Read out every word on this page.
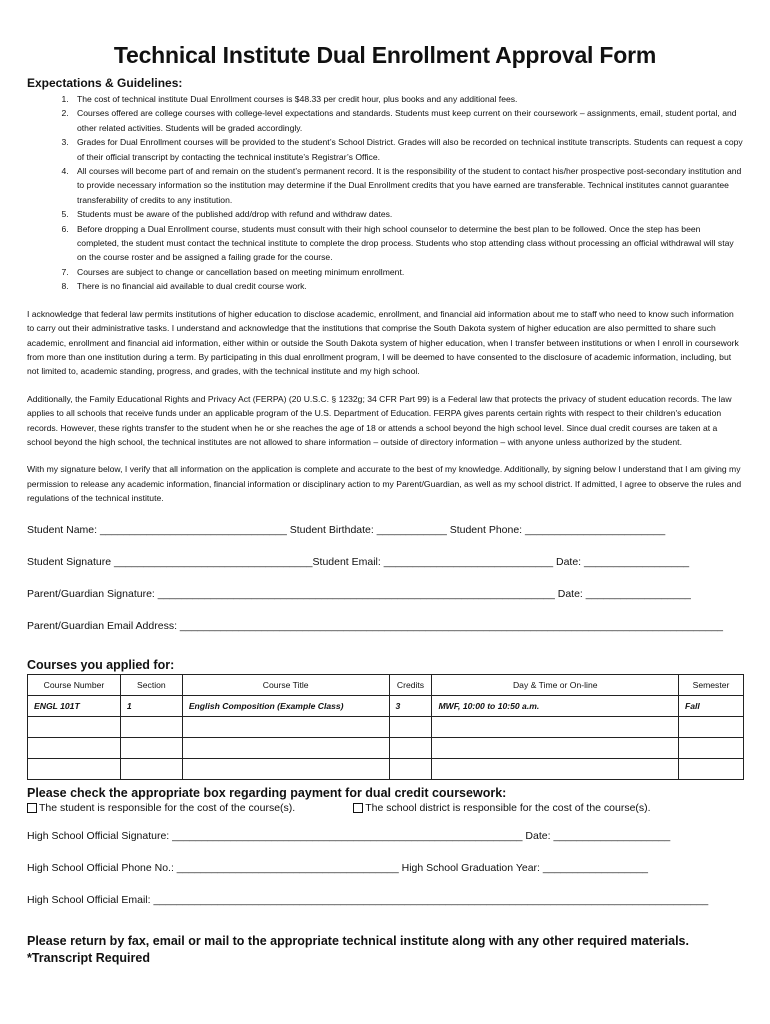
Technical Institute Dual Enrollment Approval Form
Expectations & Guidelines:
1. The cost of technical institute Dual Enrollment courses is $48.33 per credit hour, plus books and any additional fees.
2. Courses offered are college courses with college-level expectations and standards. Students must keep current on their coursework – assignments, email, student portal, and other related activities. Students will be graded accordingly.
3. Grades for Dual Enrollment courses will be provided to the student’s School District. Grades will also be recorded on technical institute transcripts. Students can request a copy of their official transcript by contacting the technical institute’s Registrar’s Office.
4. All courses will become part of and remain on the student’s permanent record. It is the responsibility of the student to contact his/her prospective post-secondary institution and to provide necessary information so the institution may determine if the Dual Enrollment credits that you have earned are transferable. Technical institutes cannot guarantee transferability of credits to any institution.
5. Students must be aware of the published add/drop with refund and withdraw dates.
6. Before dropping a Dual Enrollment course, students must consult with their high school counselor to determine the best plan to be followed. Once the step has been completed, the student must contact the technical institute to complete the drop process. Students who stop attending class without processing an official withdrawal will stay on the course roster and be assigned a failing grade for the course.
7. Courses are subject to change or cancellation based on meeting minimum enrollment.
8. There is no financial aid available to dual credit course work.

I acknowledge that federal law permits institutions of higher education to disclose academic, enrollment, and financial aid information about me to staff who need to know such information to carry out their administrative tasks. I understand and acknowledge that the institutions that comprise the South Dakota system of higher education are also permitted to share such academic, enrollment and financial aid information, either within or outside the South Dakota system of higher education, when I transfer between institutions or when I enroll in coursework from more than one institution during a term. By participating in this dual enrollment program, I will be deemed to have consented to the disclosure of academic information, including, but not limited to, academic standing, progress, and grades, with the technical institute and my high school.

Additionally, the Family Educational Rights and Privacy Act (FERPA) (20 U.S.C. § 1232g; 34 CFR Part 99) is a Federal law that protects the privacy of student education records. The law applies to all schools that receive funds under an applicable program of the U.S. Department of Education. FERPA gives parents certain rights with respect to their children's education records. However, these rights transfer to the student when he or she reaches the age of 18 or attends a school beyond the high school level. Since dual credit courses are taken at a school beyond the high school, the technical institutes are not allowed to share information – outside of directory information – with anyone unless authorized by the student.

With my signature below, I verify that all information on the application is complete and accurate to the best of my knowledge. Additionally, by signing below I understand that I am giving my permission to release any academic information, financial information or disciplinary action to my Parent/Guardian, as well as my school district. If admitted, I agree to observe the rules and regulations of the technical institute.

Student Name: ________________________________ Student Birthdate: ____________ Student Phone: ________________________
Student Signature __________________________________Student Email: _____________________________ Date: __________________
Parent/Guardian Signature: ____________________________________________________________________ Date: __________________
Parent/Guardian Email Address: _____________________________________________________________________________________________
Courses you applied for:
Course Number	Section	Course Title	Credits	Day & Time or On-line	Semester
ENGL 101T	1	English Composition (Example Class)	3	MWF, 10:00 to 10:50 a.m.	Fall

Please check the appropriate box regarding payment for dual credit coursework:
The student is responsible for the cost of the course(s).	The school district is responsible for the cost of the course(s).
High School Official Signature: ____________________________________________________________ Date: ____________________
High School Official Phone No.: ______________________________________ High School Graduation Year: __________________
High School Official Email: _______________________________________________________________________________________________
Please return by fax, email or mail to the appropriate technical institute along with any other required materials.
*Transcript Required
